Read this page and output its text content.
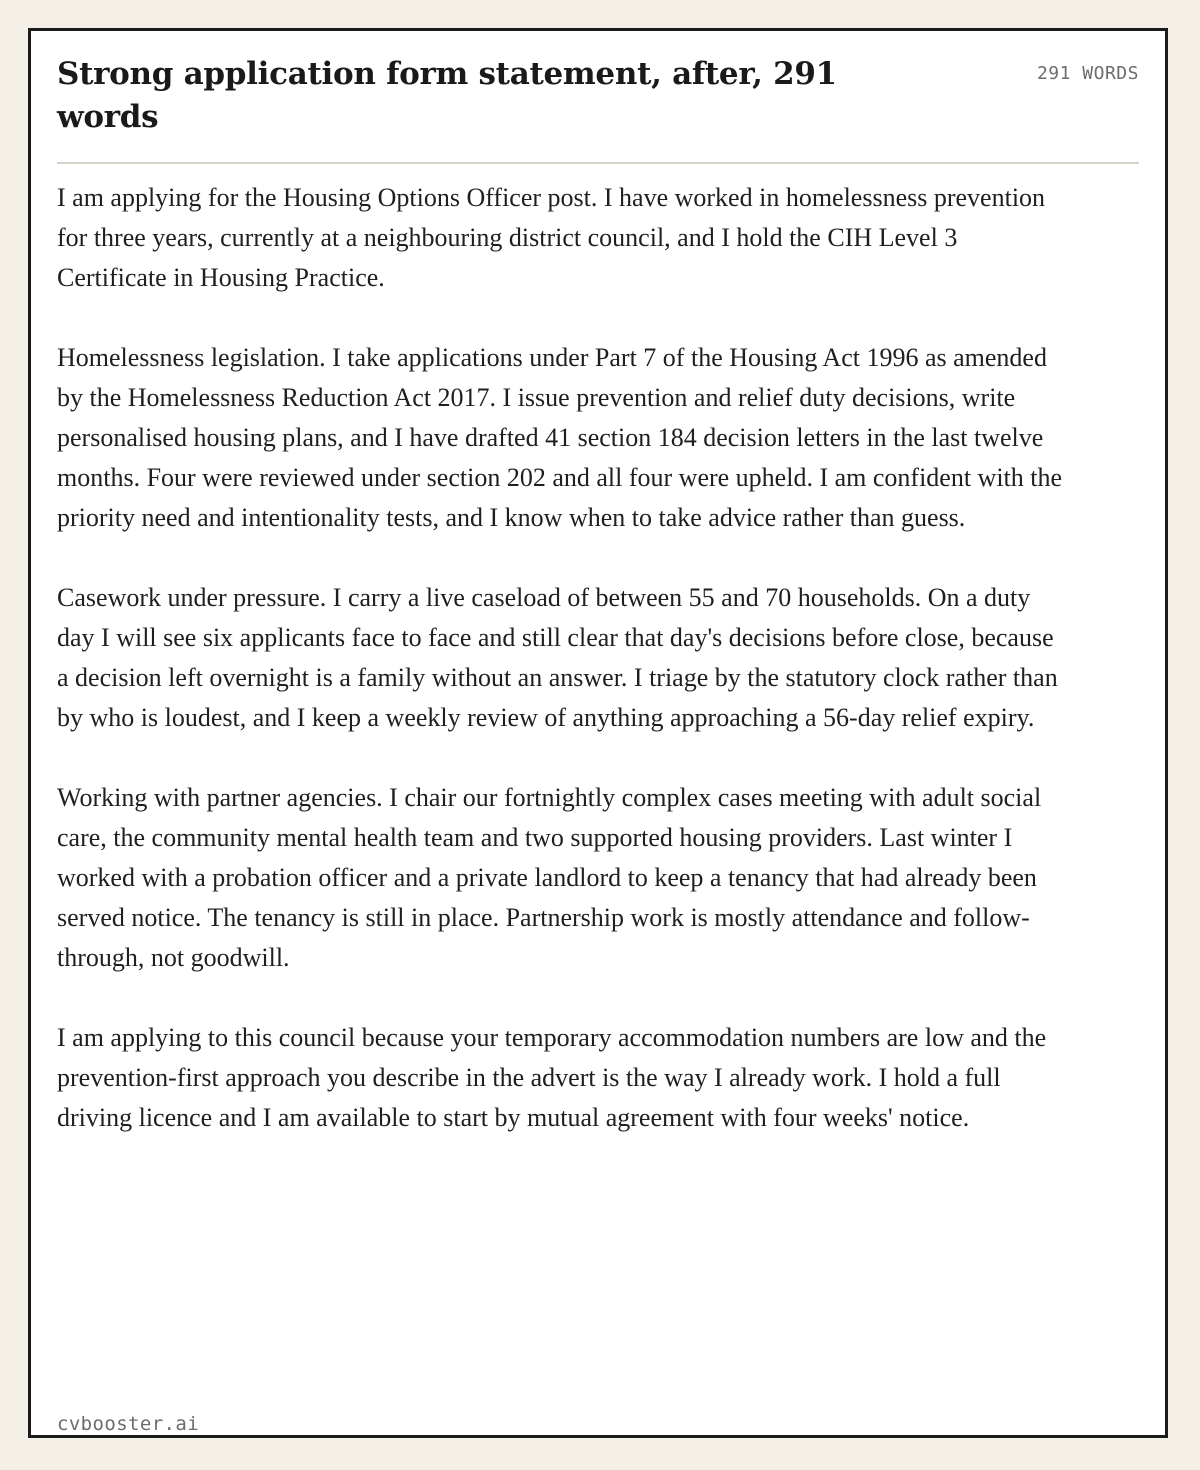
Strong application form statement, after, 291 words
291 WORDS

I am applying for the Housing Options Officer post. I have worked in homelessness prevention for three years, currently at a neighbouring district council, and I hold the CIH Level 3 Certificate in Housing Practice.

Homelessness legislation. I take applications under Part 7 of the Housing Act 1996 as amended by the Homelessness Reduction Act 2017. I issue prevention and relief duty decisions, write personalised housing plans, and I have drafted 41 section 184 decision letters in the last twelve months. Four were reviewed under section 202 and all four were upheld. I am confident with the priority need and intentionality tests, and I know when to take advice rather than guess.

Casework under pressure. I carry a live caseload of between 55 and 70 households. On a duty day I will see six applicants face to face and still clear that day's decisions before close, because a decision left overnight is a family without an answer. I triage by the statutory clock rather than by who is loudest, and I keep a weekly review of anything approaching a 56-day relief expiry.

Working with partner agencies. I chair our fortnightly complex cases meeting with adult social care, the community mental health team and two supported housing providers. Last winter I worked with a probation officer and a private landlord to keep a tenancy that had already been served notice. The tenancy is still in place. Partnership work is mostly attendance and follow-through, not goodwill.

I am applying to this council because your temporary accommodation numbers are low and the prevention-first approach you describe in the advert is the way I already work. I hold a full driving licence and I am available to start by mutual agreement with four weeks' notice.

cvbooster.ai
